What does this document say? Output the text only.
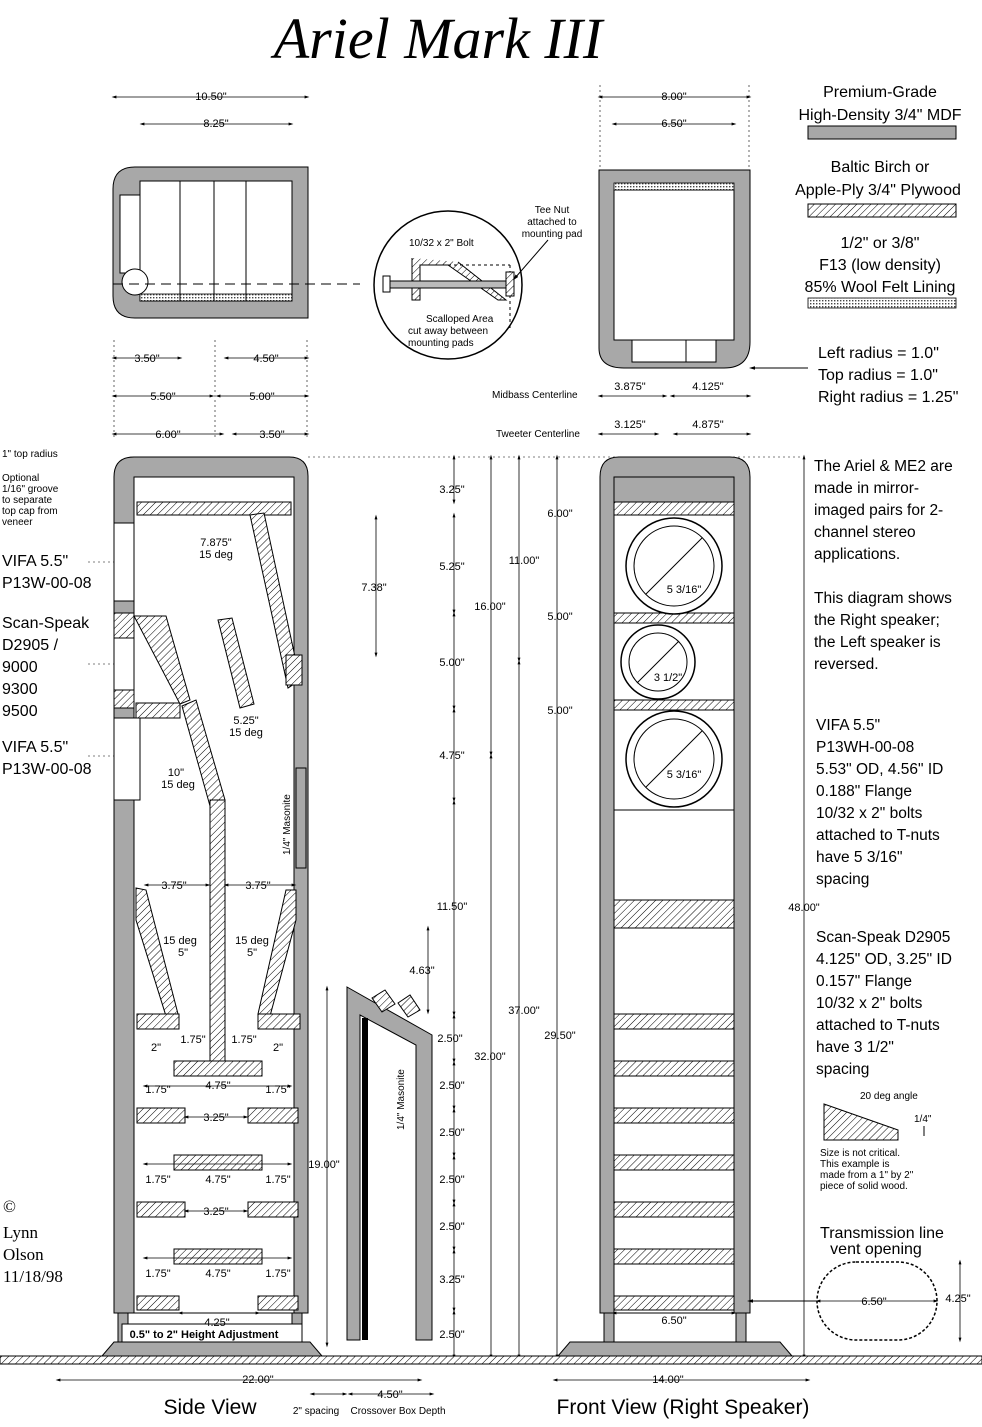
Ariel Mark III
10.50"
8.25"
10/32 x 2" Bolt
Scalloped Area
cut away between
mounting pads
Tee Nut
attached to
mounting pad
3.50"	4.50"
5.50"	5.00"
6.00"	3.50"
8.00"
6.50"
3.875"	4.125"
3.125"	4.875"
Midbass Centerline
Tweeter Centerline
Premium-Grade
High-Density 3/4" MDF
Baltic Birch or
Apple-Ply 3/4" Plywood
1/2" or 3/8"
F13 (low density)
85% Wool Felt Lining
Left radius = 1.0"
Top radius = 1.0"
Right radius = 1.25"
0.5" to 2" Height Adjustment
7.875"
15 deg
5.25"
15 deg
10"
15 deg
1/4" Masonite
3.75"	3.75"
15 deg
5"
15 deg
5"
1.75" 1.75"
2"	2"
1.75"	4.75"	1.75"
3.25"
1.75"	4.75"	1.75"
3.25"
1.75"	4.75"	1.75"
4.25"
1" top radius
Optional
1/16" groove
to separate
top cap from
veneer
VIFA 5.5"
P13W-00-08
Scan-Speak
D2905 /
9000
9300
9500
VIFA 5.5"
P13W-00-08
©
Lynn
Olson
11/18/98
3.25"
5.25"
5.00"
4.75"
11.50"
2.50"
2.50"
2.50"
2.50"
2.50"
3.25"
2.50"
6.00"
11.00"
5.00"
5.00"
16.00"
37.00"
32.00"
29.50"
48.00"
7.38"
4.63"
19.00"
1/4" Masonite
5 3/16"
3 1/2"
5 3/16"
6.50"
The Ariel & ME2 are
made in mirror-
imaged pairs for 2-
channel stereo
applications.
This diagram shows
the Right speaker;
the Left speaker is
reversed.
VIFA 5.5"
P13WH-00-08
5.53" OD, 4.56" ID
0.188" Flange
10/32 x 2" bolts
attached to T-nuts
have 5 3/16"
spacing
Scan-Speak D2905
4.125" OD, 3.25" ID
0.157" Flange
10/32 x 2" bolts
attached to T-nuts
have 3 1/2"
spacing
20 deg angle
1/4"
Size is not critical.
This example is
made from a 1" by 2"
piece of solid wood.
Transmission line
vent opening
6.50"	4.25"
22.00"	14.00"
4.50"
Side View	2" spacing Crossover Box Depth	Front View (Right Speaker)
